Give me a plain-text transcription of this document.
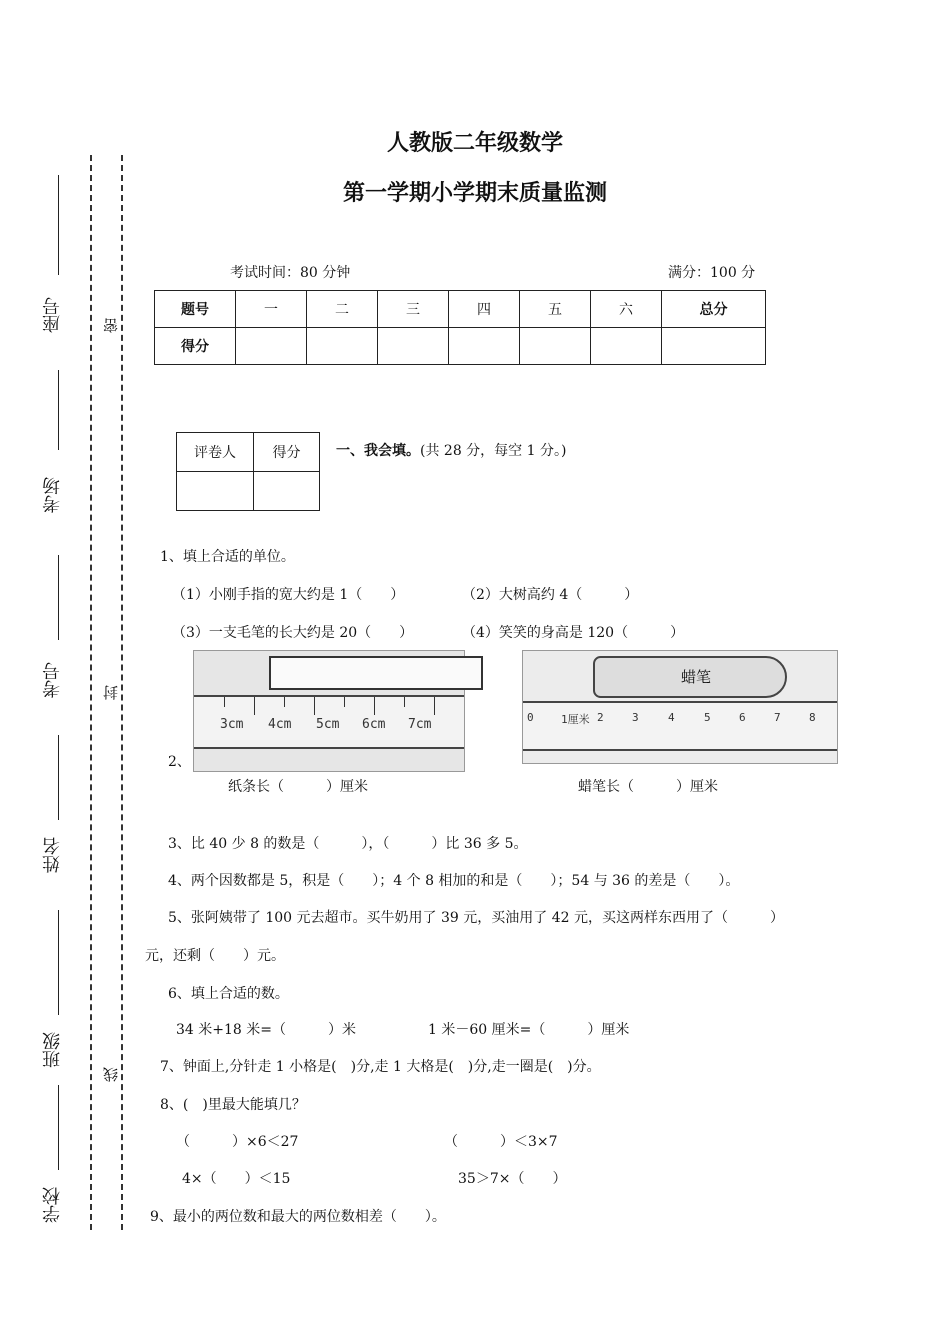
座号
考场
考号
姓名
班级
学校
密
封
线
人教版二年级数学
第一学期小学期末质量监测
考试时间：80 分钟	满分：100 分
题号	一	二	三	四	五	六	总分
得分							
评卷人	得分
		一、我会填。(共 28 分，每空 1 分。)
1、填上合适的单位。
（1）小刚手指的宽大约是 1（　　）	（2）大树高约 4（　　　）
（3）一支毛笔的长大约是 20（　　）	（4）笑笑的身高是 120（　　　）
2、
3cm 4cm 5cm 6cm 7cm
蜡笔
0 1厘米 2	3	4	5	6	7	8
纸条长（　　　）厘米	蜡笔长（　　　）厘米
3、比 40 少 8 的数是（　　　），（　　　）比 36 多 5。
4、两个因数都是 5，积是（　　）；4 个 8 相加的和是（　　）；54 与 36 的差是（　　）。
5、张阿姨带了 100 元去超市。买牛奶用了 39 元，买油用了 42 元，买这两样东西用了（　　　）
元，还剩（　　）元。
6、填上合适的数。
34 米+18 米=（　　　）米	1 米－60 厘米=（　　　）厘米
7、钟面上,分针走 1 小格是(　)分,走 1 大格是(　)分,走一圈是(　)分。
8、(　)里最大能填几？
（　　　）×6＜27	（　　　）＜3×7
4×（　　）＜15	35＞7×（　　）
9、最小的两位数和最大的两位数相差（　　）。
